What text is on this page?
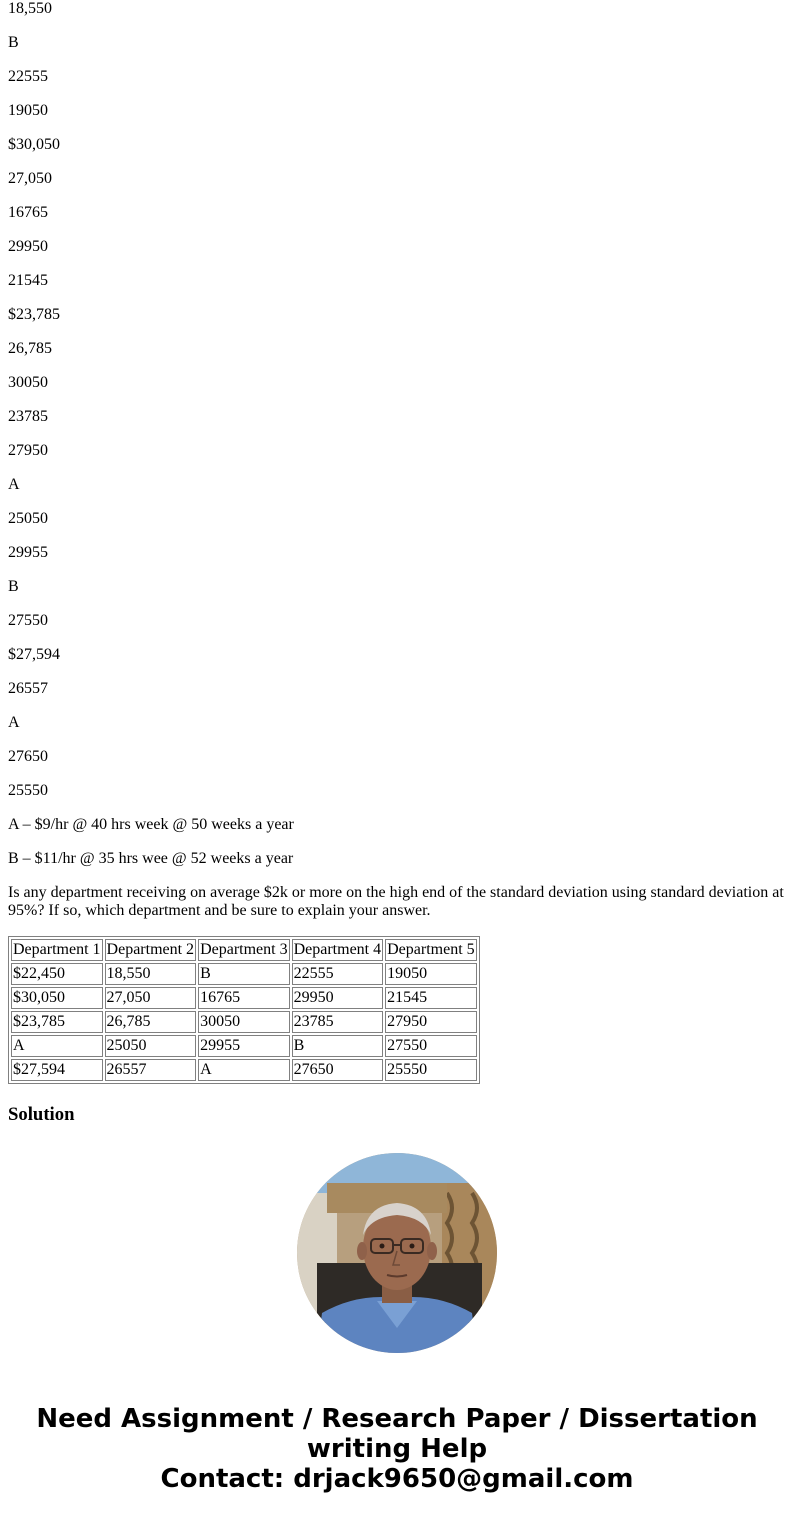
18,550

B

22555

19050

$30,050

27,050

16765

29950

21545

$23,785

26,785

30050

23785

27950

A

25050

29955

B

27550

$27,594

26557

A

27650

25550

A – $9/hr @ 40 hrs week @ 50 weeks a year

B – $11/hr @ 35 hrs wee @ 52 weeks a year

Is any department receiving on average $2k or more on the high end of the standard deviation using standard deviation at 95%? If so, which department and be sure to explain your answer.

Department 1	Department 2	Department 3	Department 4	Department 5
$22,450	18,550	B	22555	19050
$30,050	27,050	16765	29950	21545
$23,785	26,785	30050	23785	27950
A	25050	29955	B	27550
$27,594	26557	A	27650	25550
Solution
Need Assignment / Research Paper / Dissertation
writing Help
Contact: drjack9650@gmail.com
